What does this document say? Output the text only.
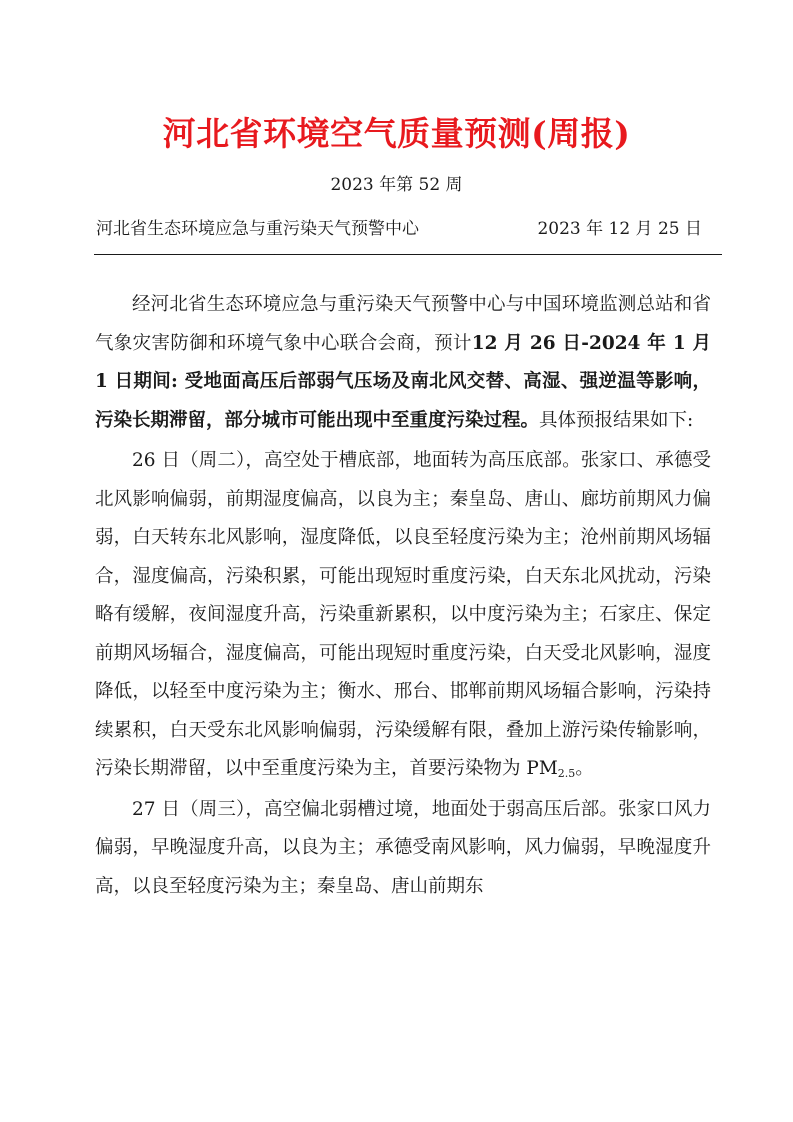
河北省环境空气质量预测(周报)
2023 年第 52 周
河北省生态环境应急与重污染天气预警中心	2023 年 12 月 25 日

经河北省生态环境应急与重污染天气预警中心与中国环境监测总站和省气象灾害防御和环境气象中心联合会商，预计12 月 26 日-2024 年 1 月 1 日期间: 受地面高压后部弱气压场及南北风交替、高湿、强逆温等影响，污染长期滞留，部分城市可能出现中至重度污染过程。具体预报结果如下:

26 日（周二），高空处于槽底部，地面转为高压底部。张家口、承德受北风影响偏弱，前期湿度偏高，以良为主；秦皇岛、唐山、廊坊前期风力偏弱，白天转东北风影响，湿度降低，以良至轻度污染为主；沧州前期风场辐合，湿度偏高，污染积累，可能出现短时重度污染，白天东北风扰动，污染略有缓解，夜间湿度升高，污染重新累积，以中度污染为主；石家庄、保定前期风场辐合，湿度偏高，可能出现短时重度污染，白天受北风影响，湿度降低，以轻至中度污染为主；衡水、邢台、邯郸前期风场辐合影响，污染持续累积，白天受东北风影响偏弱，污染缓解有限，叠加上游污染传输影响，污染长期滞留，以中至重度污染为主，首要污染物为 $PM_{2.5}$。

27 日（周三），高空偏北弱槽过境，地面处于弱高压后部。张家口风力偏弱，早晚湿度升高，以良为主；承德受南风影响，风力偏弱，早晚湿度升高，以良至轻度污染为主；秦皇岛、唐山前期东
